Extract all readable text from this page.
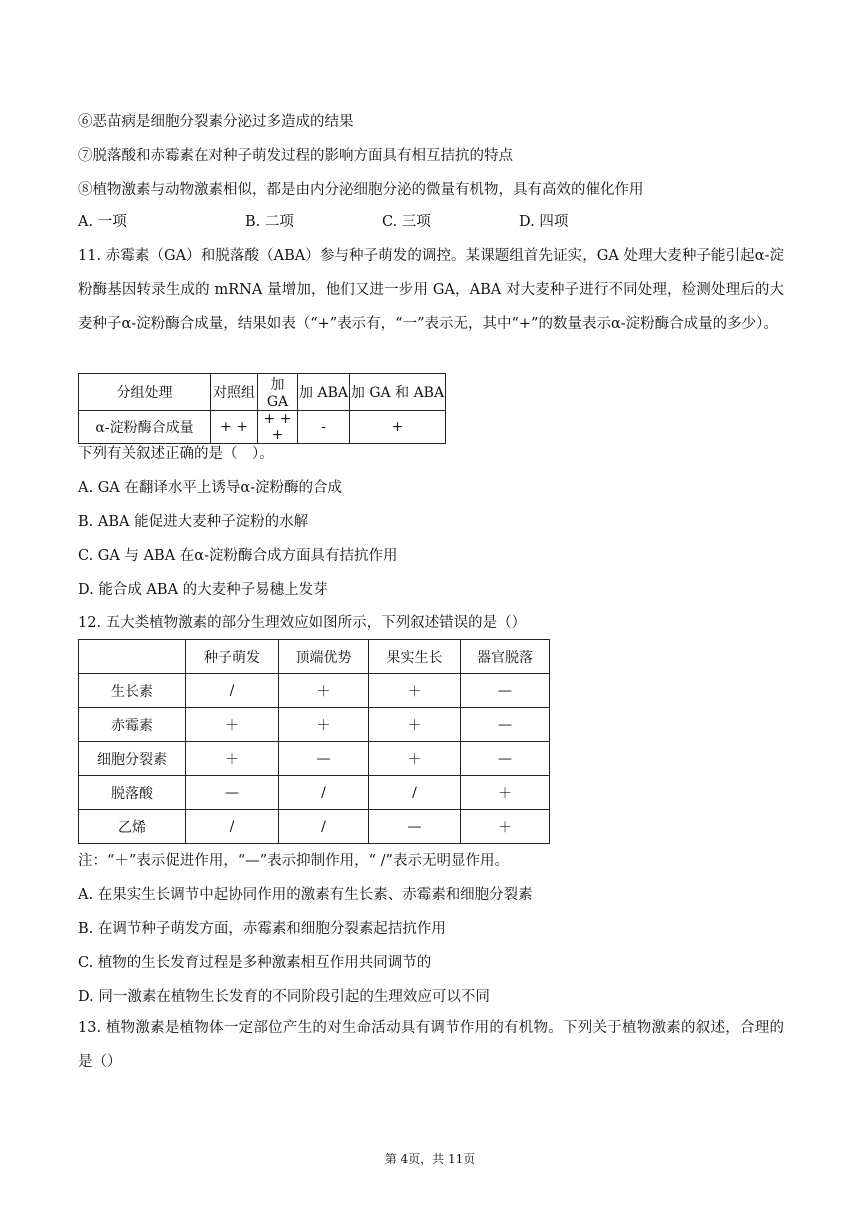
⑥恶苗病是细胞分裂素分泌过多造成的结果
⑦脱落酸和赤霉素在对种子萌发过程的影响方面具有相互拮抗的特点
⑧植物激素与动物激素相似，都是由内分泌细胞分泌的微量有机物，具有高效的催化作用
A. 一项	B. 二项	C. 三项	D. 四项
11. 赤霉素（GA）和脱落酸（ABA）参与种子萌发的调控。某课题组首先证实，GA 处理大麦种子能引起α-淀粉酶基因转录生成的 mRNA 量增加，他们又进一步用 GA，ABA 对大麦种子进行不同处理，检测处理后的大麦种子α-淀粉酶合成量，结果如表（“+”表示有，“一”表示无，其中“+”的数量表示α-淀粉酶合成量的多少）。
分组处理	对照组	加 GA	加 ABA	加 GA 和 ABA
α-淀粉酶合成量	+ +	+ + +	-	+
下列有关叙述正确的是（　）。
A. GA 在翻译水平上诱导α-淀粉酶的合成
B. ABA 能促进大麦种子淀粉的水解
C. GA 与 ABA 在α-淀粉酶合成方面具有拮抗作用
D. 能合成 ABA 的大麦种子易穗上发芽
12. 五大类植物激素的部分生理效应如图所示，下列叙述错误的是（）
	种子萌发	顶端优势	果实生长	器官脱落
生长素	/	＋	＋	—
赤霉素	＋	＋	＋	—
细胞分裂素	＋	—	＋	—
脱落酸	—	/	/	＋
乙烯	/	/	—	＋
注：“＋”表示促进作用，“—”表示抑制作用，“ /”表示无明显作用。
A. 在果实生长调节中起协同作用的激素有生长素、赤霉素和细胞分裂素
B. 在调节种子萌发方面，赤霉素和细胞分裂素起拮抗作用
C. 植物的生长发育过程是多种激素相互作用共同调节的
D. 同一激素在植物生长发育的不同阶段引起的生理效应可以不同
13. 植物激素是植物体一定部位产生的对生命活动具有调节作用的有机物。下列关于植物激素的叙述，合理的是（）
第 4页，共 11页
